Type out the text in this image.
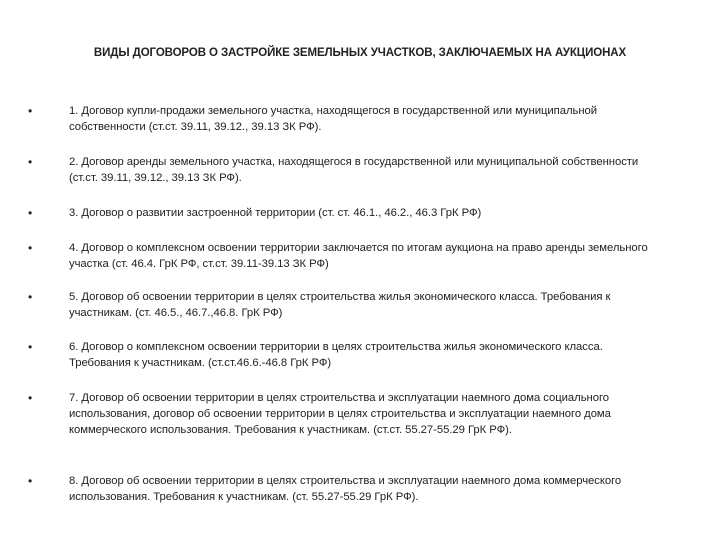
ВИДЫ ДОГОВОРОВ О ЗАСТРОЙКЕ ЗЕМЕЛЬНЫХ УЧАСТКОВ, ЗАКЛЮЧАЕМЫХ НА АУКЦИОНАХ
•	1. Договор купли-продажи земельного участка, находящегося в государственной или муниципальной собственности (ст.ст. 39.11, 39.12., 39.13 ЗК РФ).
•	2. Договор аренды земельного участка, находящегося в государственной или муниципальной собственности (ст.ст. 39.11, 39.12., 39.13 ЗК РФ).
•	3. Договор о развитии застроенной территории (ст. ст. 46.1., 46.2., 46.3 ГрК РФ)
•	4. Договор о комплексном освоении территории заключается по итогам аукциона на право аренды земельного участка (ст. 46.4. ГрК РФ, ст.ст. 39.11-39.13 ЗК РФ)
•	5. Договор об освоении территории в целях строительства жилья экономического класса. Требования к участникам. (ст. 46.5., 46.7.,46.8. ГрК РФ)
•	6. Договор о комплексном освоении территории в целях строительства жилья экономического класса. Требования к участникам. (ст.ст.46.6.-46.8 ГрК РФ)
•	7. Договор об освоении территории в целях строительства и эксплуатации наемного дома социального использования, договор об освоении территории в целях строительства и эксплуатации наемного дома коммерческого использования. Требования к участникам. (ст.ст. 55.27-55.29 ГрК РФ).
•	8. Договор об освоении территории в целях строительства и эксплуатации наемного дома коммерческого использования. Требования к участникам. (ст. 55.27-55.29 ГрК РФ).
